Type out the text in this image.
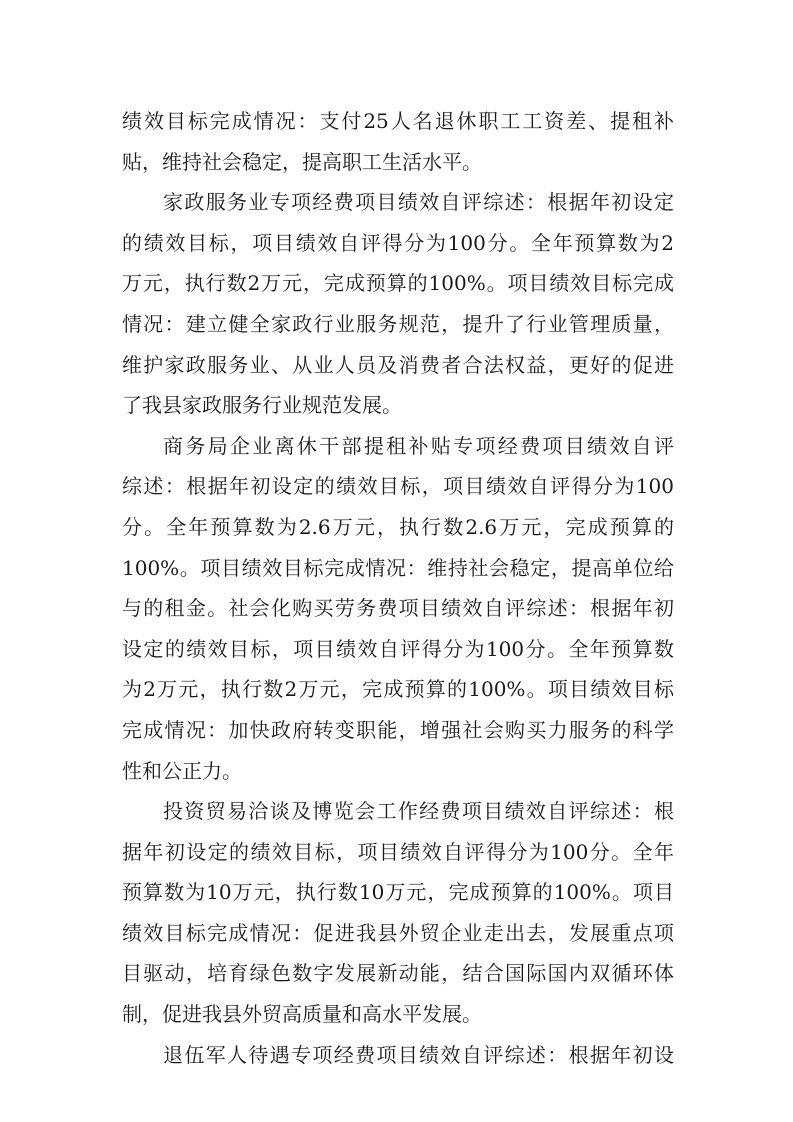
绩效目标完成情况：支付25人名退休职工工资差、提租补
贴，维持社会稳定，提高职工生活水平。
家政服务业专项经费项目绩效自评综述：根据年初设定
的绩效目标，项目绩效自评得分为100分。全年预算数为2
万元，执行数2万元，完成预算的100%。项目绩效目标完成
情况：建立健全家政行业服务规范，提升了行业管理质量，
维护家政服务业、从业人员及消费者合法权益，更好的促进
了我县家政服务行业规范发展。
商务局企业离休干部提租补贴专项经费项目绩效自评
综述：根据年初设定的绩效目标，项目绩效自评得分为100
分。全年预算数为2.6万元，执行数2.6万元，完成预算的
100%。项目绩效目标完成情况：维持社会稳定，提高单位给
与的租金。社会化购买劳务费项目绩效自评综述：根据年初
设定的绩效目标，项目绩效自评得分为100分。全年预算数
为2万元，执行数2万元，完成预算的100%。项目绩效目标
完成情况：加快政府转变职能，增强社会购买力服务的科学
性和公正力。
投资贸易洽谈及博览会工作经费项目绩效自评综述：根
据年初设定的绩效目标，项目绩效自评得分为100分。全年
预算数为10万元，执行数10万元，完成预算的100%。项目
绩效目标完成情况：促进我县外贸企业走出去，发展重点项
目驱动，培育绿色数字发展新动能，结合国际国内双循环体
制，促进我县外贸高质量和高水平发展。
退伍军人待遇专项经费项目绩效自评综述：根据年初设
